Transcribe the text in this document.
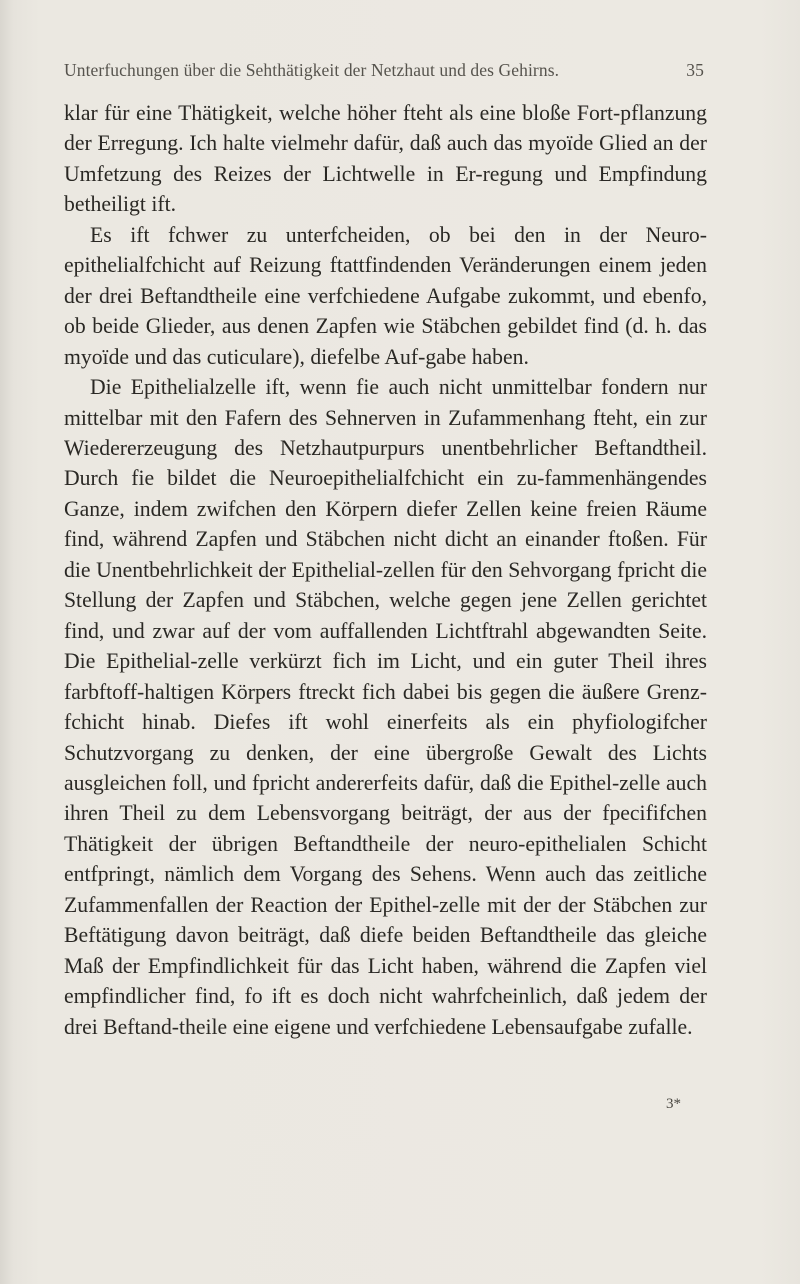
Unterfuchungen über die Sehthätigkeit der Netzhaut und des Gehirns.	35

klar für eine Thätigkeit, welche höher fteht als eine bloße Fort-pflanzung der Erregung. Ich halte vielmehr dafür, daß auch das myoïde Glied an der Umfetzung des Reizes der Lichtwelle in Er-regung und Empfindung betheiligt ift.

Es ift fchwer zu unterfcheiden, ob bei den in der Neuro-epithelialfchicht auf Reizung ftattfindenden Veränderungen einem jeden der drei Beftandtheile eine verfchiedene Aufgabe zukommt, und ebenfo, ob beide Glieder, aus denen Zapfen wie Stäbchen gebildet find (d. h. das myoïde und das cuticulare), diefelbe Auf-gabe haben.

Die Epithelialzelle ift, wenn fie auch nicht unmittelbar fondern nur mittelbar mit den Fafern des Sehnerven in Zufammenhang fteht, ein zur Wiedererzeugung des Netzhautpurpurs unentbehrlicher Beftandtheil. Durch fie bildet die Neuroepithelialfchicht ein zu-fammenhängendes Ganze, indem zwifchen den Körpern diefer Zellen keine freien Räume find, während Zapfen und Stäbchen nicht dicht an einander ftoßen. Für die Unentbehrlichkeit der Epithelial-zellen für den Sehvorgang fpricht die Stellung der Zapfen und Stäbchen, welche gegen jene Zellen gerichtet find, und zwar auf der vom auffallenden Lichtftrahl abgewandten Seite. Die Epithelial-zelle verkürzt fich im Licht, und ein guter Theil ihres farbftoff-haltigen Körpers ftreckt fich dabei bis gegen die äußere Grenz-fchicht hinab. Diefes ift wohl einerfeits als ein phyfiologifcher Schutzvorgang zu denken, der eine übergroße Gewalt des Lichts ausgleichen foll, und fpricht andererfeits dafür, daß die Epithel-zelle auch ihren Theil zu dem Lebensvorgang beiträgt, der aus der fpecififchen Thätigkeit der übrigen Beftandtheile der neuro-epithelialen Schicht entfpringt, nämlich dem Vorgang des Sehens. Wenn auch das zeitliche Zufammenfallen der Reaction der Epithel-zelle mit der der Stäbchen zur Beftätigung davon beiträgt, daß diefe beiden Beftandtheile das gleiche Maß der Empfindlichkeit für das Licht haben, während die Zapfen viel empfindlicher find, fo ift es doch nicht wahrfcheinlich, daß jedem der drei Beftand-theile eine eigene und verfchiedene Lebensaufgabe zufalle.

3*
